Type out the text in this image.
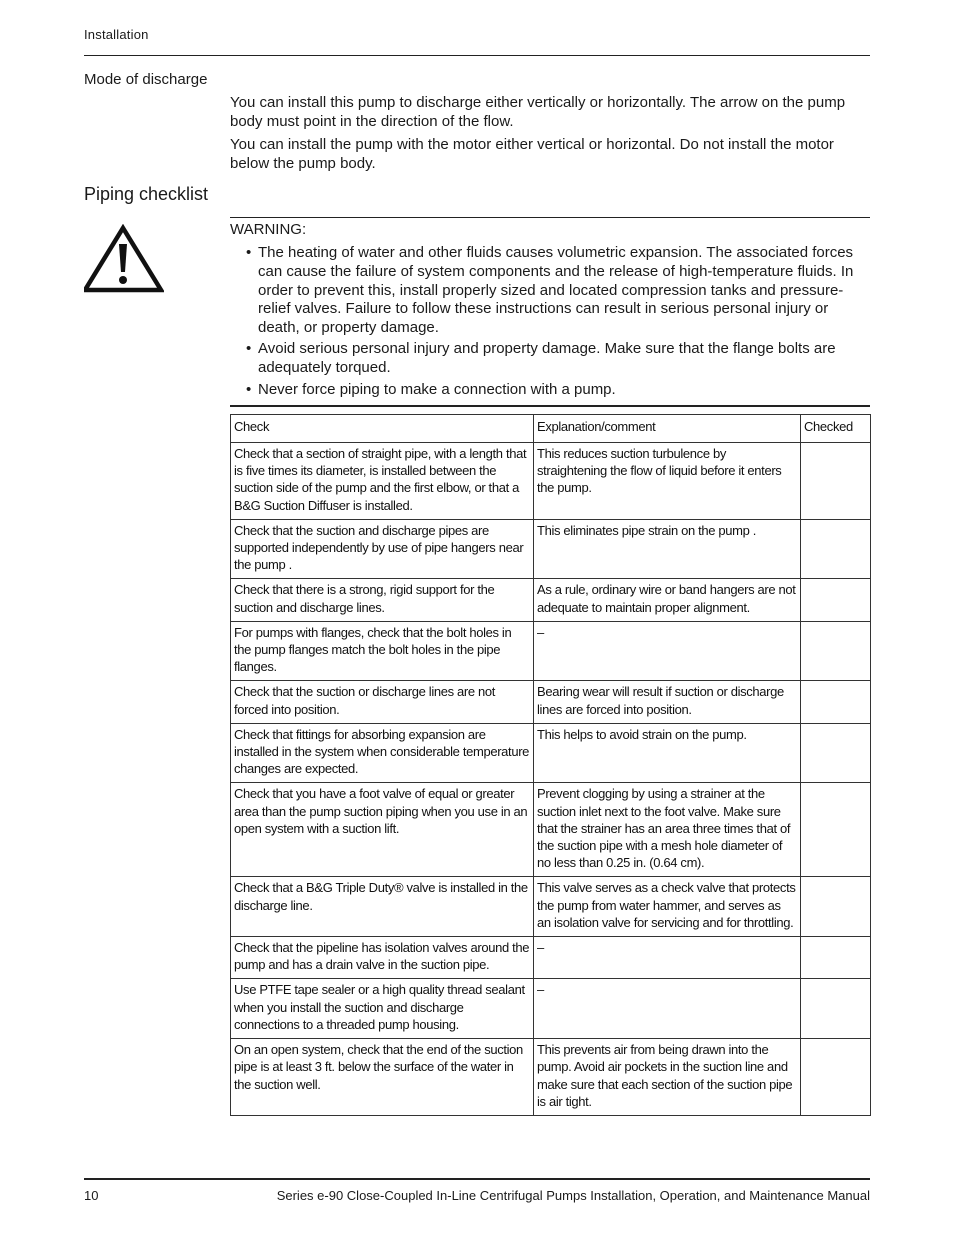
Installation
Mode of discharge

You can install this pump to discharge either vertically or horizontally. The arrow on the pump body must point in the direction of the flow.

You can install the pump with the motor either vertical or horizontal. Do not install the motor below the pump body.

Piping checklist
WARNING:
• The heating of water and other fluids causes volumetric expansion. The associated forces can cause the failure of system components and the release of high-temperature fluids. In order to prevent this, install properly sized and located compression tanks and pressure-relief valves. Failure to follow these instructions can result in serious personal injury or death, or property damage.
• Avoid serious personal injury and property damage. Make sure that the flange bolts are adequately torqued.
• Never force piping to make a connection with a pump.
Check	Explanation/comment	Checked
Check that a section of straight pipe, with a length that is five times its diameter, is installed between the suction side of the pump and the first elbow, or that a B&G Suction Diffuser is installed.	This reduces suction turbulence by straightening the flow of liquid before it enters the pump.	
Check that the suction and discharge pipes are supported independently by use of pipe hangers near the pump .	This eliminates pipe strain on the pump .	
Check that there is a strong, rigid support for the suction and discharge lines.	As a rule, ordinary wire or band hangers are not adequate to maintain proper alignment.	
For pumps with flanges, check that the bolt holes in the pump flanges match the bolt holes in the pipe flanges.	–	
Check that the suction or discharge lines are not forced into position.	Bearing wear will result if suction or discharge lines are forced into position.	
Check that fittings for absorbing expansion are installed in the system when considerable temperature changes are expected.	This helps to avoid strain on the pump.	
Check that you have a foot valve of equal or greater area than the pump suction piping when you use in an open system with a suction lift.	Prevent clogging by using a strainer at the suction inlet next to the foot valve. Make sure that the strainer has an area three times that of the suction pipe with a mesh hole diameter of no less than 0.25 in. (0.64 cm).	
Check that a B&G Triple Duty® valve is installed in the discharge line.	This valve serves as a check valve that protects the pump from water hammer, and serves as an isolation valve for servicing and for throttling.	
Check that the pipeline has isolation valves around the pump and has a drain valve in the suction pipe.	–	
Use PTFE tape sealer or a high quality thread sealant when you install the suction and discharge connections to a threaded pump housing.	–	
On an open system, check that the end of the suction pipe is at least 3 ft. below the surface of the water in the suction well.	This prevents air from being drawn into the pump. Avoid air pockets in the suction line and make sure that each section of the suction pipe is air tight.	
10	Series e-90 Close-Coupled In-Line Centrifugal Pumps Installation, Operation, and Maintenance Manual
